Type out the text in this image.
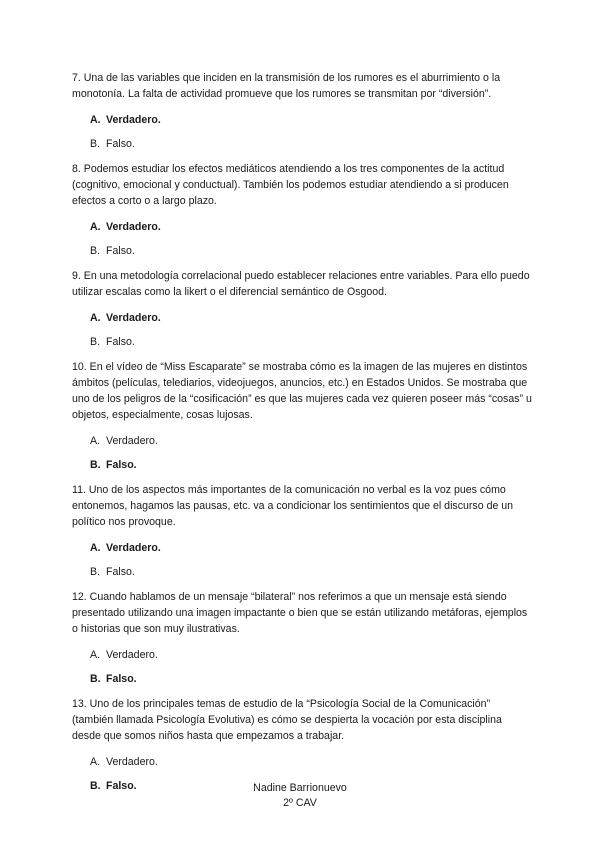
7. Una de las variables que inciden en la transmisión de los rumores es el aburrimiento o la monotonía. La falta de actividad promueve que los rumores se transmitan por “diversión”.

A. Verdadero.
B. Falso.

8. Podemos estudiar los efectos mediáticos atendiendo a los tres componentes de la actitud (cognitivo, emocional y conductual). También los podemos estudiar atendiendo a si producen efectos a corto o a largo plazo.

A. Verdadero.
B. Falso.

9. En una metodología correlacional puedo establecer relaciones entre variables. Para ello puedo utilizar escalas como la likert o el diferencial semántico de Osgood.

A. Verdadero.
B. Falso.

10. En el vídeo de “Miss Escaparate” se mostraba cómo es la imagen de las mujeres en distintos ámbitos (películas, telediarios, videojuegos, anuncios, etc.) en Estados Unidos. Se mostraba que uno de los peligros de la “cosificación” es que las mujeres cada vez quieren poseer más “cosas” u objetos, especialmente, cosas lujosas.

A. Verdadero.
B. Falso.

11. Uno de los aspectos más importantes de la comunicación no verbal es la voz pues cómo entonemos, hagamos las pausas, etc. va a condicionar los sentimientos que el discurso de un político nos provoque.

A. Verdadero.
B. Falso.

12. Cuando hablamos de un mensaje “bilateral” nos referimos a que un mensaje está siendo presentado utilizando una imagen impactante o bien que se están utilizando metáforas, ejemplos o historias que son muy ilustrativas.

A. Verdadero.
B. Falso.

13. Uno de los principales temas de estudio de la “Psicología Social de la Comunicación” (también llamada Psicología Evolutiva) es cómo se despierta la vocación por esta disciplina desde que somos niños hasta que empezamos a trabajar.

A. Verdadero.
B. Falso.	Nadine Barrionuevo
2º CAV
